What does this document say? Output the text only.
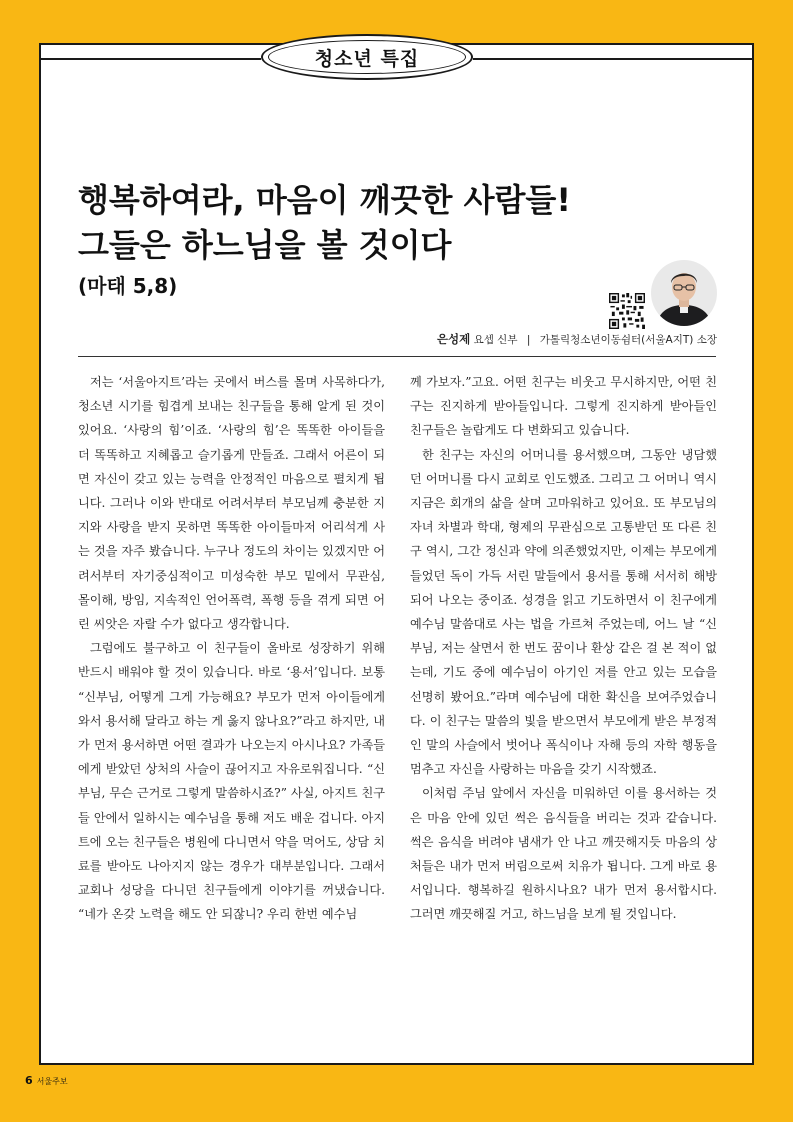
청소년 특집
행복하여라, 마음이 깨끗한 사람들!
그들은 하느님을 볼 것이다

(마태 5,8)

은성제 요셉 신부 | 가톨릭청소년이동쉼터(서울A지T) 소장

저는 ‘서울아지트’라는 곳에서 버스를 몰며 사목하다가, 청소년 시기를 힘겹게 보내는 친구들을 통해 알게 된 것이 있어요. ‘사랑의 힘’이죠. ‘사랑의 힘’은 똑똑한 아이들을 더 똑똑하고 지혜롭고 슬기롭게 만들죠. 그래서 어른이 되면 자신이 갖고 있는 능력을 안정적인 마음으로 펼치게 됩니다. 그러나 이와 반대로 어려서부터 부모님께 충분한 지지와 사랑을 받지 못하면 똑똑한 아이들마저 어리석게 사는 것을 자주 봤습니다. 누구나 정도의 차이는 있겠지만 어려서부터 자기중심적이고 미성숙한 부모 밑에서 무관심, 몰이해, 방임, 지속적인 언어폭력, 폭행 등을 겪게 되면 어린 씨앗은 자랄 수가 없다고 생각합니다.

그럼에도 불구하고 이 친구들이 올바로 성장하기 위해 반드시 배워야 할 것이 있습니다. 바로 ‘용서’입니다. 보통 “신부님, 어떻게 그게 가능해요? 부모가 먼저 아이들에게 와서 용서해 달라고 하는 게 옳지 않나요?”라고 하지만, 내가 먼저 용서하면 어떤 결과가 나오는지 아시나요? 가족들에게 받았던 상처의 사슬이 끊어지고 자유로워집니다. “신부님, 무슨 근거로 그렇게 말씀하시죠?” 사실, 아지트 친구들 안에서 일하시는 예수님을 통해 저도 배운 겁니다. 아지트에 오는 친구들은 병원에 다니면서 약을 먹어도, 상담 치료를 받아도 나아지지 않는 경우가 대부분입니다. 그래서 교회나 성당을 다니던 친구들에게 이야기를 꺼냈습니다. “네가 온갖 노력을 해도 안 되잖니? 우리 한번 예수님

께 가보자.”고요. 어떤 친구는 비웃고 무시하지만, 어떤 친구는 진지하게 받아들입니다. 그렇게 진지하게 받아들인 친구들은 놀랍게도 다 변화되고 있습니다.

한 친구는 자신의 어머니를 용서했으며, 그동안 냉담했던 어머니를 다시 교회로 인도했죠. 그리고 그 어머니 역시 지금은 회개의 삶을 살며 고마워하고 있어요. 또 부모님의 자녀 차별과 학대, 형제의 무관심으로 고통받던 또 다른 친구 역시, 그간 정신과 약에 의존했었지만, 이제는 부모에게 들었던 독이 가득 서린 말들에서 용서를 통해 서서히 해방되어 나오는 중이죠. 성경을 읽고 기도하면서 이 친구에게 예수님 말씀대로 사는 법을 가르쳐 주었는데, 어느 날 “신부님, 저는 살면서 한 번도 꿈이나 환상 같은 걸 본 적이 없는데, 기도 중에 예수님이 아기인 저를 안고 있는 모습을 선명히 봤어요.”라며 예수님에 대한 확신을 보여주었습니다. 이 친구는 말씀의 빛을 받으면서 부모에게 받은 부정적인 말의 사슬에서 벗어나 폭식이나 자해 등의 자학 행동을 멈추고 자신을 사랑하는 마음을 갖기 시작했죠.

이처럼 주님 앞에서 자신을 미워하던 이를 용서하는 것은 마음 안에 있던 썩은 음식들을 버리는 것과 같습니다. 썩은 음식을 버려야 냄새가 안 나고 깨끗해지듯 마음의 상처들은 내가 먼저 버림으로써 치유가 됩니다. 그게 바로 용서입니다. 행복하길 원하시나요? 내가 먼저 용서합시다. 그러면 깨끗해질 거고, 하느님을 보게 될 것입니다.

6 서울주보
